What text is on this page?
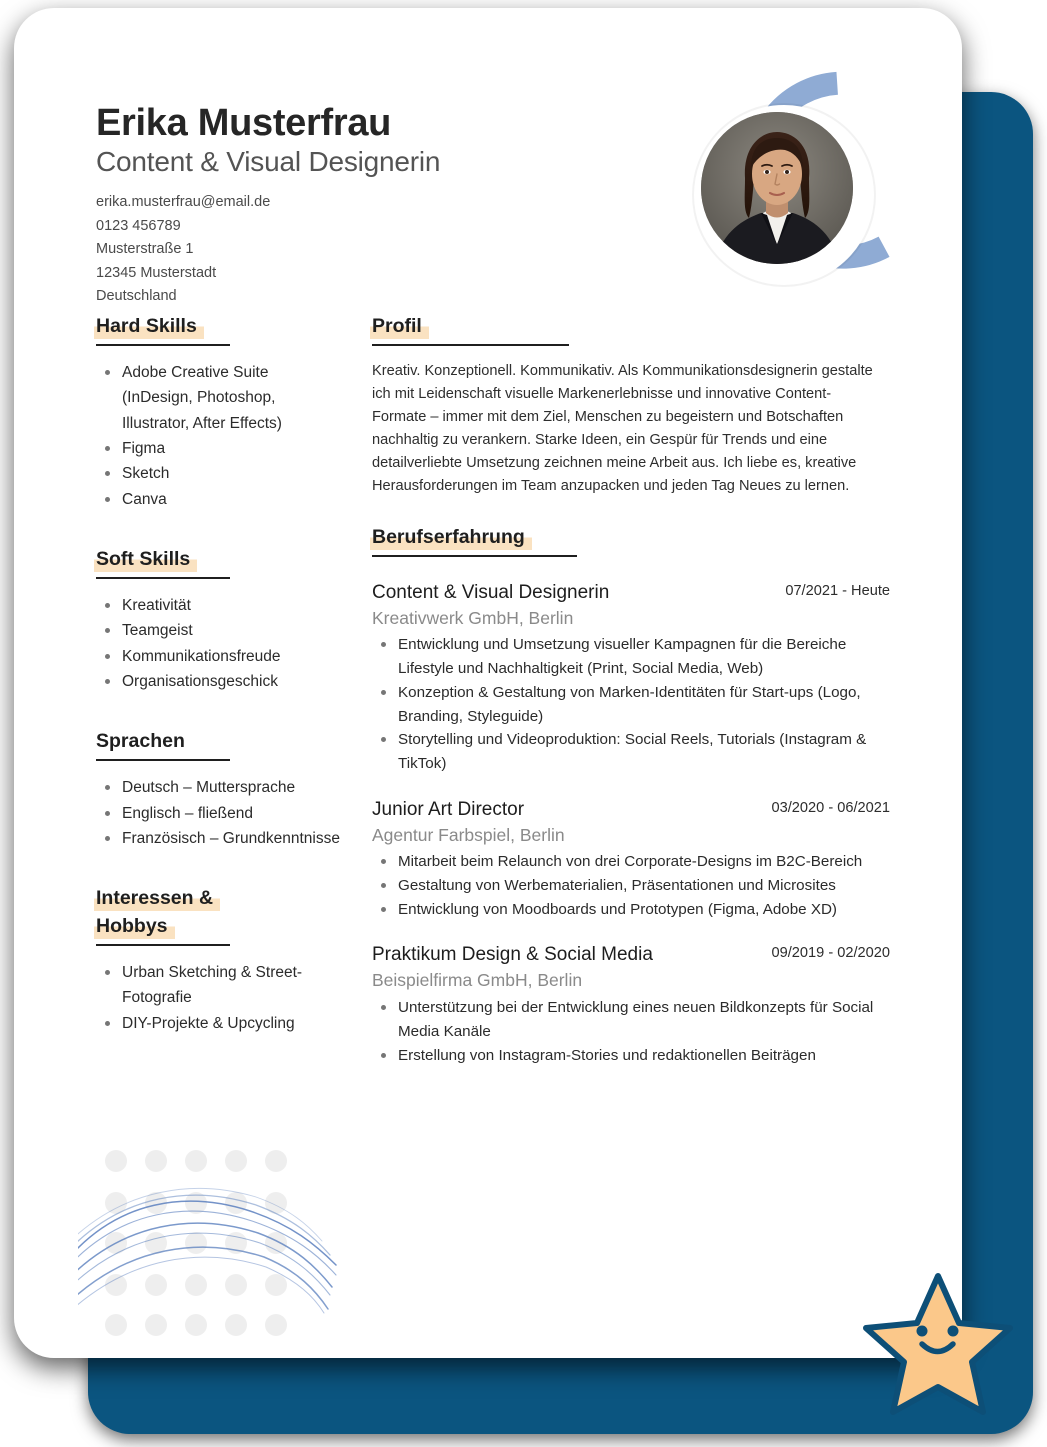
Erika Musterfrau
Content & Visual Designerin
erika.musterfrau@email.de
0123 456789
Musterstraße 1
12345 Musterstadt
Deutschland
Hard Skills
Adobe Creative Suite (InDesign, Photoshop, Illustrator, After Effects)
Figma
Sketch
Canva
Soft Skills
Kreativität
Teamgeist
Kommunikationsfreude
Organisationsgeschick
Sprachen
Deutsch – Muttersprache
Englisch – fließend
Französisch – Grundkenntnisse
Interessen & Hobbys
Urban Sketching & Street-Fotografie
DIY-Projekte & Upcycling
Profil

Kreativ. Konzeptionell. Kommunikativ. Als Kommunikationsdesignerin gestalte ich mit Leidenschaft visuelle Markenerlebnisse und innovative Content-Formate – immer mit dem Ziel, Menschen zu begeistern und Botschaften nachhaltig zu verankern. Starke Ideen, ein Gespür für Trends und eine detailverliebte Umsetzung zeichnen meine Arbeit aus. Ich liebe es, kreative Herausforderungen im Team anzupacken und jeden Tag Neues zu lernen.

Berufserfahrung
Content & Visual Designerin	07/2021 - Heute
Kreativwerk GmbH, Berlin
Entwicklung und Umsetzung visueller Kampagnen für die Bereiche Lifestyle und Nachhaltigkeit (Print, Social Media, Web)
Konzeption & Gestaltung von Marken-Identitäten für Start-ups (Logo, Branding, Styleguide)
Storytelling und Videoproduktion: Social Reels, Tutorials (Instagram & TikTok)
Junior Art Director	03/2020 - 06/2021
Agentur Farbspiel, Berlin
Mitarbeit beim Relaunch von drei Corporate-Designs im B2C-Bereich
Gestaltung von Werbematerialien, Präsentationen und Microsites
Entwicklung von Moodboards und Prototypen (Figma, Adobe XD)
Praktikum Design & Social Media	09/2019 - 02/2020
Beispielfirma GmbH, Berlin
Unterstützung bei der Entwicklung eines neuen Bildkonzepts für Social Media Kanäle
Erstellung von Instagram-Stories und redaktionellen Beiträgen
